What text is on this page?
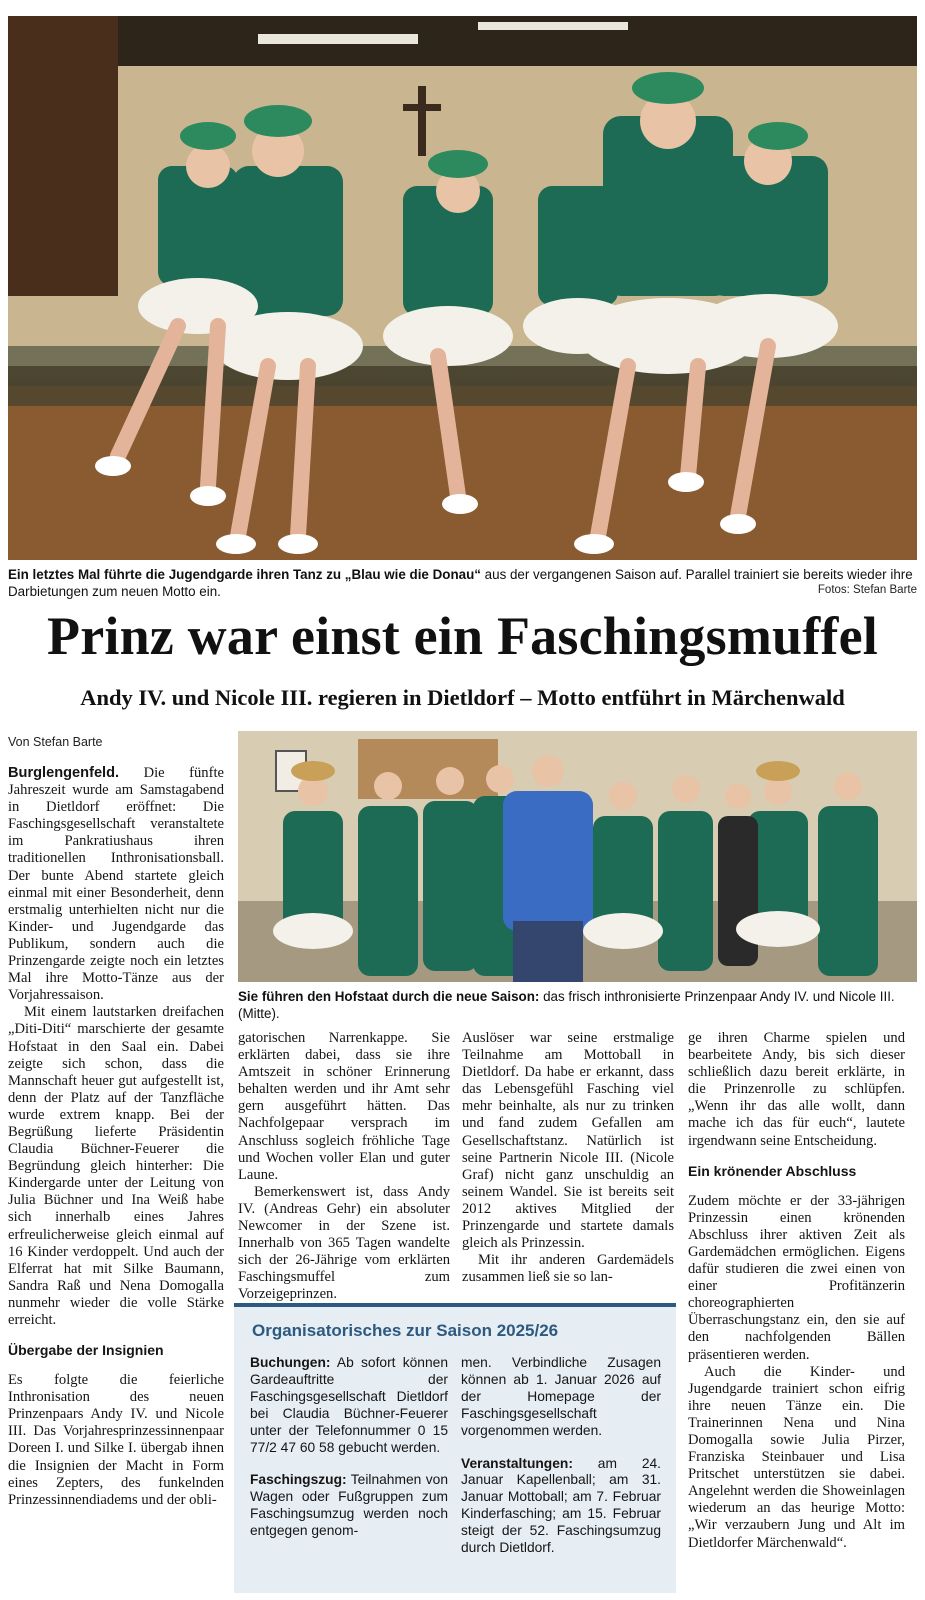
Ein letztes Mal führte die Jugendgarde ihren Tanz zu „Blau wie die Donau“ aus der vergangenen Saison auf. Parallel trainiert sie bereits wieder ihre Darbietungen zum neuen Motto ein.	Fotos: Stefan Barte
Prinz war einst ein Faschingsmuffel
Andy IV. und Nicole III. regieren in Dietldorf – Motto entführt in Märchenwald
Von Stefan Barte
Sie führen den Hofstaat durch die neue Saison: das frisch inthronisierte Prinzenpaar Andy IV. und Nicole III. (Mitte).

Burglengenfeld. Die fünfte Jahreszeit wurde am Samstagabend in Dietldorf eröffnet: Die Faschingsgesellschaft veranstaltete im Pankratiushaus ihren traditionellen Inthronisationsball. Der bunte Abend startete gleich einmal mit einer Besonderheit, denn erstmalig unterhielten nicht nur die Kinder- und Jugendgarde das Publikum, sondern auch die Prinzengarde zeigte noch ein letztes Mal ihre Motto-Tänze aus der Vorjahressaison.

Mit einem lautstarken dreifachen „Diti-Diti“ marschierte der gesamte Hofstaat in den Saal ein. Dabei zeigte sich schon, dass die Mannschaft heuer gut aufgestellt ist, denn der Platz auf der Tanzfläche wurde extrem knapp. Bei der Begrüßung lieferte Präsidentin Claudia Büchner-Feuerer die Begründung gleich hinterher: Die Kindergarde unter der Leitung von Julia Büchner und Ina Weiß habe sich innerhalb eines Jahres erfreulicherweise gleich einmal auf 16 Kinder verdoppelt. Und auch der Elferrat hat mit Silke Baumann, Sandra Raß und Nena Domogalla nunmehr wieder die volle Stärke erreicht.

Übergabe der Insignien

Es folgte die feierliche Inthronisation des neuen Prinzenpaars Andy IV. und Nicole III. Das Vorjahresprinzessinnenpaar Doreen I. und Silke I. übergab ihnen die Insignien der Macht in Form eines Zepters, des funkelnden Prinzessinnendiadems und der obli-

gatorischen Narrenkappe. Sie erklärten dabei, dass sie ihre Amtszeit in schöner Erinnerung behalten werden und ihr Amt sehr gern ausgeführt hätten. Das Nachfolgepaar versprach im Anschluss sogleich fröhliche Tage und Wochen voller Elan und guter Laune.

Bemerkenswert ist, dass Andy IV. (Andreas Gehr) ein absoluter Newcomer in der Szene ist. Innerhalb von 365 Tagen wandelte sich der 26-Jährige vom erklärten Faschingsmuffel zum Vorzeigeprinzen.

Auslöser war seine erstmalige Teilnahme am Mottoball in Dietldorf. Da habe er erkannt, dass das Lebensgefühl Fasching viel mehr beinhalte, als nur zu trinken und fand zudem Gefallen am Gesellschaftstanz. Natürlich ist seine Partnerin Nicole III. (Nicole Graf) nicht ganz unschuldig an seinem Wandel. Sie ist bereits seit 2012 aktives Mitglied der Prinzengarde und startete damals gleich als Prinzessin.

Mit ihr anderen Gardemädels zusammen ließ sie so lan-

ge ihren Charme spielen und bearbeitete Andy, bis sich dieser schließlich dazu bereit erklärte, in die Prinzenrolle zu schlüpfen. „Wenn ihr das alle wollt, dann mache ich das für euch“, lautete irgendwann seine Entscheidung.

Ein krönender Abschluss

Zudem möchte er der 33-jährigen Prinzessin einen krönenden Abschluss ihrer aktiven Zeit als Gardemädchen ermöglichen. Eigens dafür studieren die zwei einen von einer Profitänzerin choreographierten Überraschungstanz ein, den sie auf den nachfolgenden Bällen präsentieren werden.

Auch die Kinder- und Jugendgarde trainiert schon eifrig ihre neuen Tänze ein. Die Trainerinnen Nena und Nina Domogalla sowie Julia Pirzer, Franziska Steinbauer und Lisa Pritschet unterstützen sie dabei. Angelehnt werden die Showeinlagen wiederum an das heurige Motto: „Wir verzaubern Jung und Alt im Dietldorfer Märchenwald“.

Organisatorisches zur Saison 2025/26

Buchungen: Ab sofort können Gardeauftritte der Faschingsgesellschaft Dietldorf bei Claudia Büchner-Feuerer unter der Telefonnummer 0 15 77/2 47 60 58 gebucht werden.

Faschingszug: Teilnahmen von Wagen oder Fußgruppen zum Faschingsumzug werden noch entgegen genom-

men. Verbindliche Zusagen können ab 1. Januar 2026 auf der Homepage der Faschingsgesellschaft vorgenommen werden.

Veranstaltungen: am 24. Januar Kapellenball; am 31. Januar Mottoball; am 7. Februar Kinderfasching; am 15. Februar steigt der 52. Faschingsumzug durch Dietldorf.
